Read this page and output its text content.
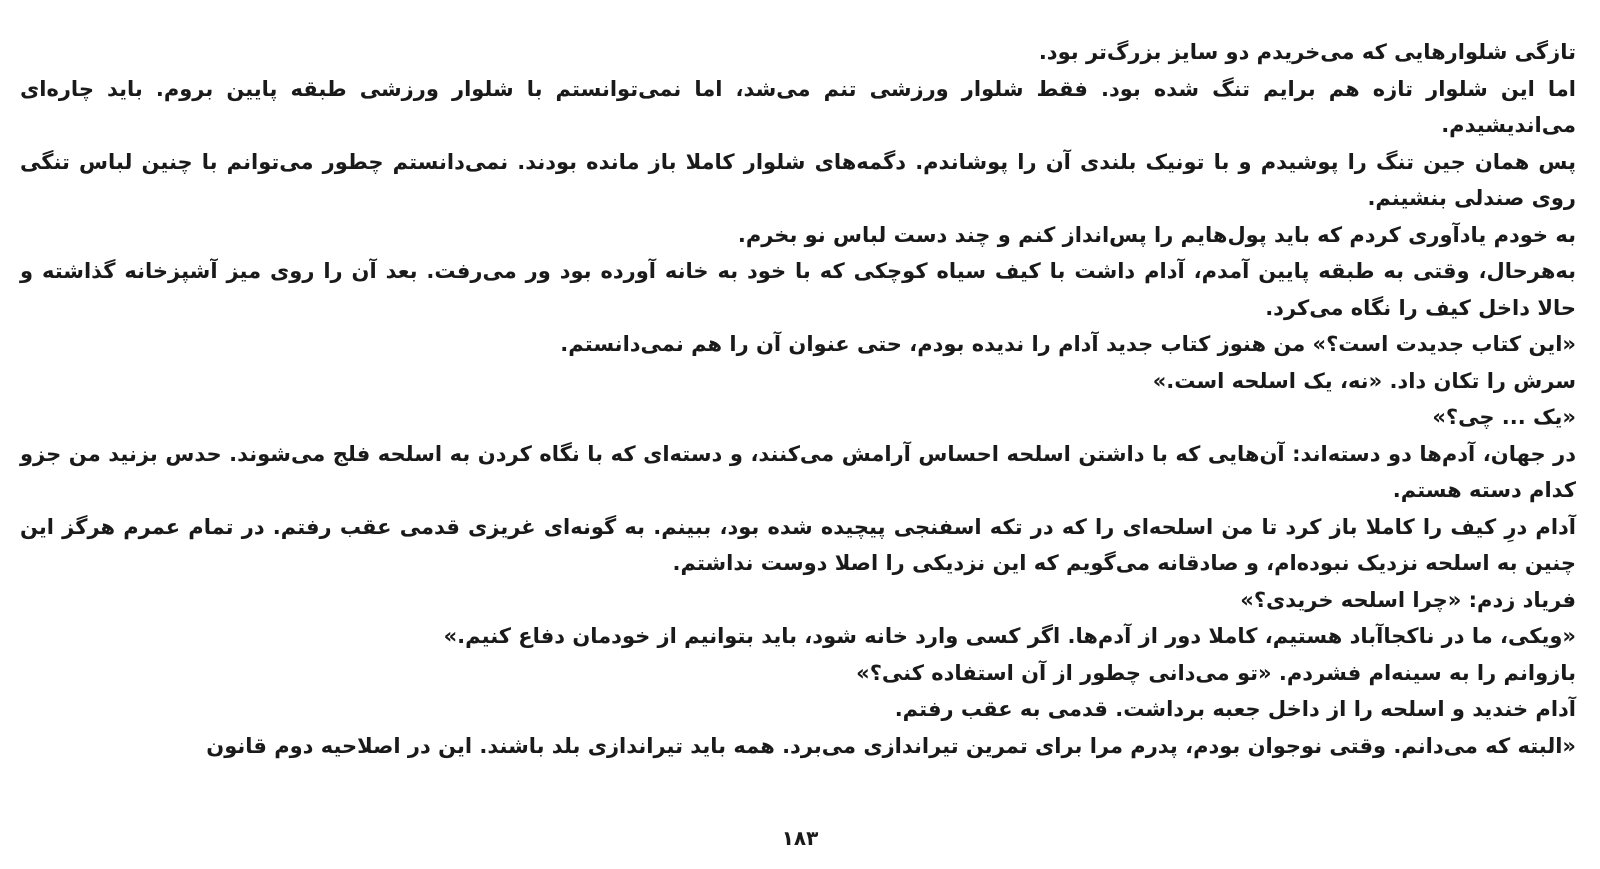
تازگی شلوارهایی که می‌خریدم دو سایز بزرگ‌تر بود.

اما این شلوار تازه هم برایم تنگ شده بود. فقط شلوار ورزشی تنم می‌شد، اما نمی‌توانستم با شلوار ورزشی طبقه پایین بروم. باید چاره‌ای می‌اندیشیدم.

پس همان جین تنگ را پوشیدم و با تونیک بلندی آن را پوشاندم. دگمه‌های شلوار کاملا باز مانده بودند. نمی‌دانستم چطور می‌توانم با چنین لباس تنگی روی صندلی بنشینم.

به خودم یادآوری کردم که باید پول‌هایم را پس‌انداز کنم و چند دست لباس نو بخرم.

به‌هرحال، وقتی به طبقه پایین آمدم، آدام داشت با کیف سیاه کوچکی که با خود به خانه آورده بود ور می‌رفت. بعد آن را روی میز آشپزخانه گذاشته و حالا داخل کیف را نگاه می‌کرد.

«این کتاب جدیدت است؟» من هنوز کتاب جدید آدام را ندیده بودم، حتی عنوان آن را هم نمی‌دانستم.

سرش را تکان داد. «نه، یک اسلحه است.»

«یک ... چی؟»

در جهان، آدم‌ها دو دسته‌اند: آن‌هایی که با داشتن اسلحه احساس آرامش می‌کنند، و دسته‌ای که با نگاه کردن به اسلحه فلج می‌شوند. حدس بزنید من جزو کدام دسته هستم.

آدام درِ کیف را کاملا باز کرد تا من اسلحه‌ای را که در تکه اسفنجی پیچیده شده بود، ببینم. به گونه‌ای غریزی قدمی عقب رفتم. در تمام عمرم هرگز این چنین به اسلحه نزدیک نبوده‌ام، و صادقانه می‌گویم که این نزدیکی را اصلا دوست نداشتم.

فریاد زدم: «چرا اسلحه خریدی؟»

«ویکی، ما در ناکجاآباد هستیم، کاملا دور از آدم‌ها. اگر کسی وارد خانه شود، باید بتوانیم از خودمان دفاع کنیم.»

بازوانم را به سینه‌ام فشردم. «تو می‌دانی چطور از آن استفاده کنی؟»

آدام خندید و اسلحه را از داخل جعبه برداشت. قدمی به عقب رفتم.

«البته که می‌دانم. وقتی نوجوان بودم، پدرم مرا برای تمرین تیراندازی می‌برد. همه باید تیراندازی بلد باشند. این در اصلاحیه دوم قانون

۱۸۳
